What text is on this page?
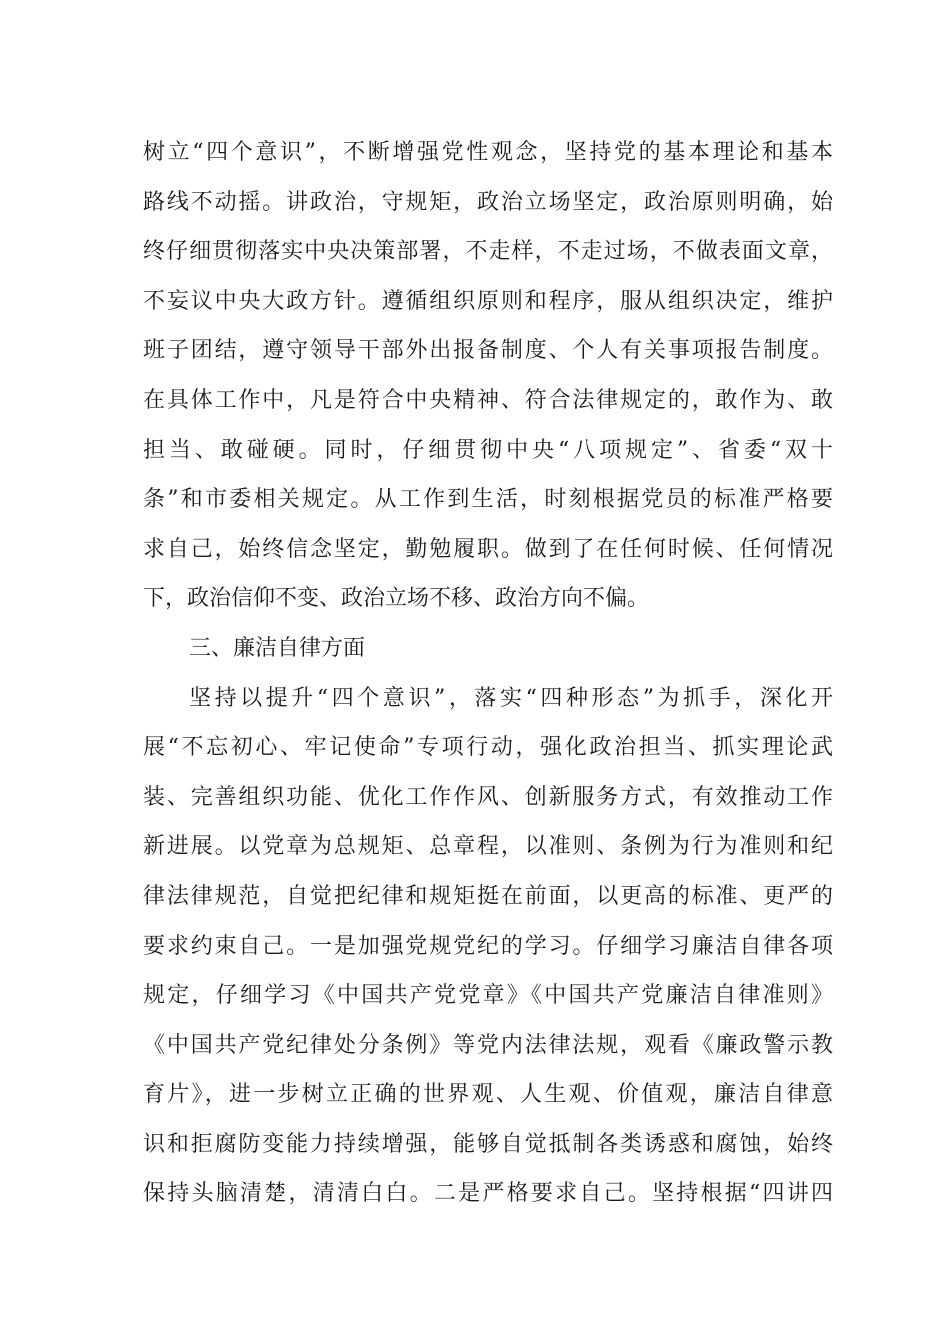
树立“四个意识”，不断增强党性观念，坚持党的基本理论和基本
路线不动摇。讲政治，守规矩，政治立场坚定，政治原则明确，始
终仔细贯彻落实中央决策部署，不走样，不走过场，不做表面文章，
不妄议中央大政方针。遵循组织原则和程序，服从组织决定，维护
班子团结，遵守领导干部外出报备制度、个人有关事项报告制度。
在具体工作中，凡是符合中央精神、符合法律规定的，敢作为、敢
担当、敢碰硬。同时，仔细贯彻中央“八项规定”、省委“双十
条”和市委相关规定。从工作到生活，时刻根据党员的标准严格要
求自己，始终信念坚定，勤勉履职。做到了在任何时候、任何情况
下，政治信仰不变、政治立场不移、政治方向不偏。
三、廉洁自律方面
坚持以提升“四个意识”，落实“四种形态”为抓手，深化开
展“不忘初心、牢记使命”专项行动，强化政治担当、抓实理论武
装、完善组织功能、优化工作作风、创新服务方式，有效推动工作
新进展。以党章为总规矩、总章程，以准则、条例为行为准则和纪
律法律规范，自觉把纪律和规矩挺在前面，以更高的标准、更严的
要求约束自己。一是加强党规党纪的学习。仔细学习廉洁自律各项
规定，仔细学习《中国共产党党章》《中国共产党廉洁自律准则》
《中国共产党纪律处分条例》等党内法律法规，观看《廉政警示教
育片》，进一步树立正确的世界观、人生观、价值观，廉洁自律意
识和拒腐防变能力持续增强，能够自觉抵制各类诱惑和腐蚀，始终
保持头脑清楚，清清白白。二是严格要求自己。坚持根据“四讲四
